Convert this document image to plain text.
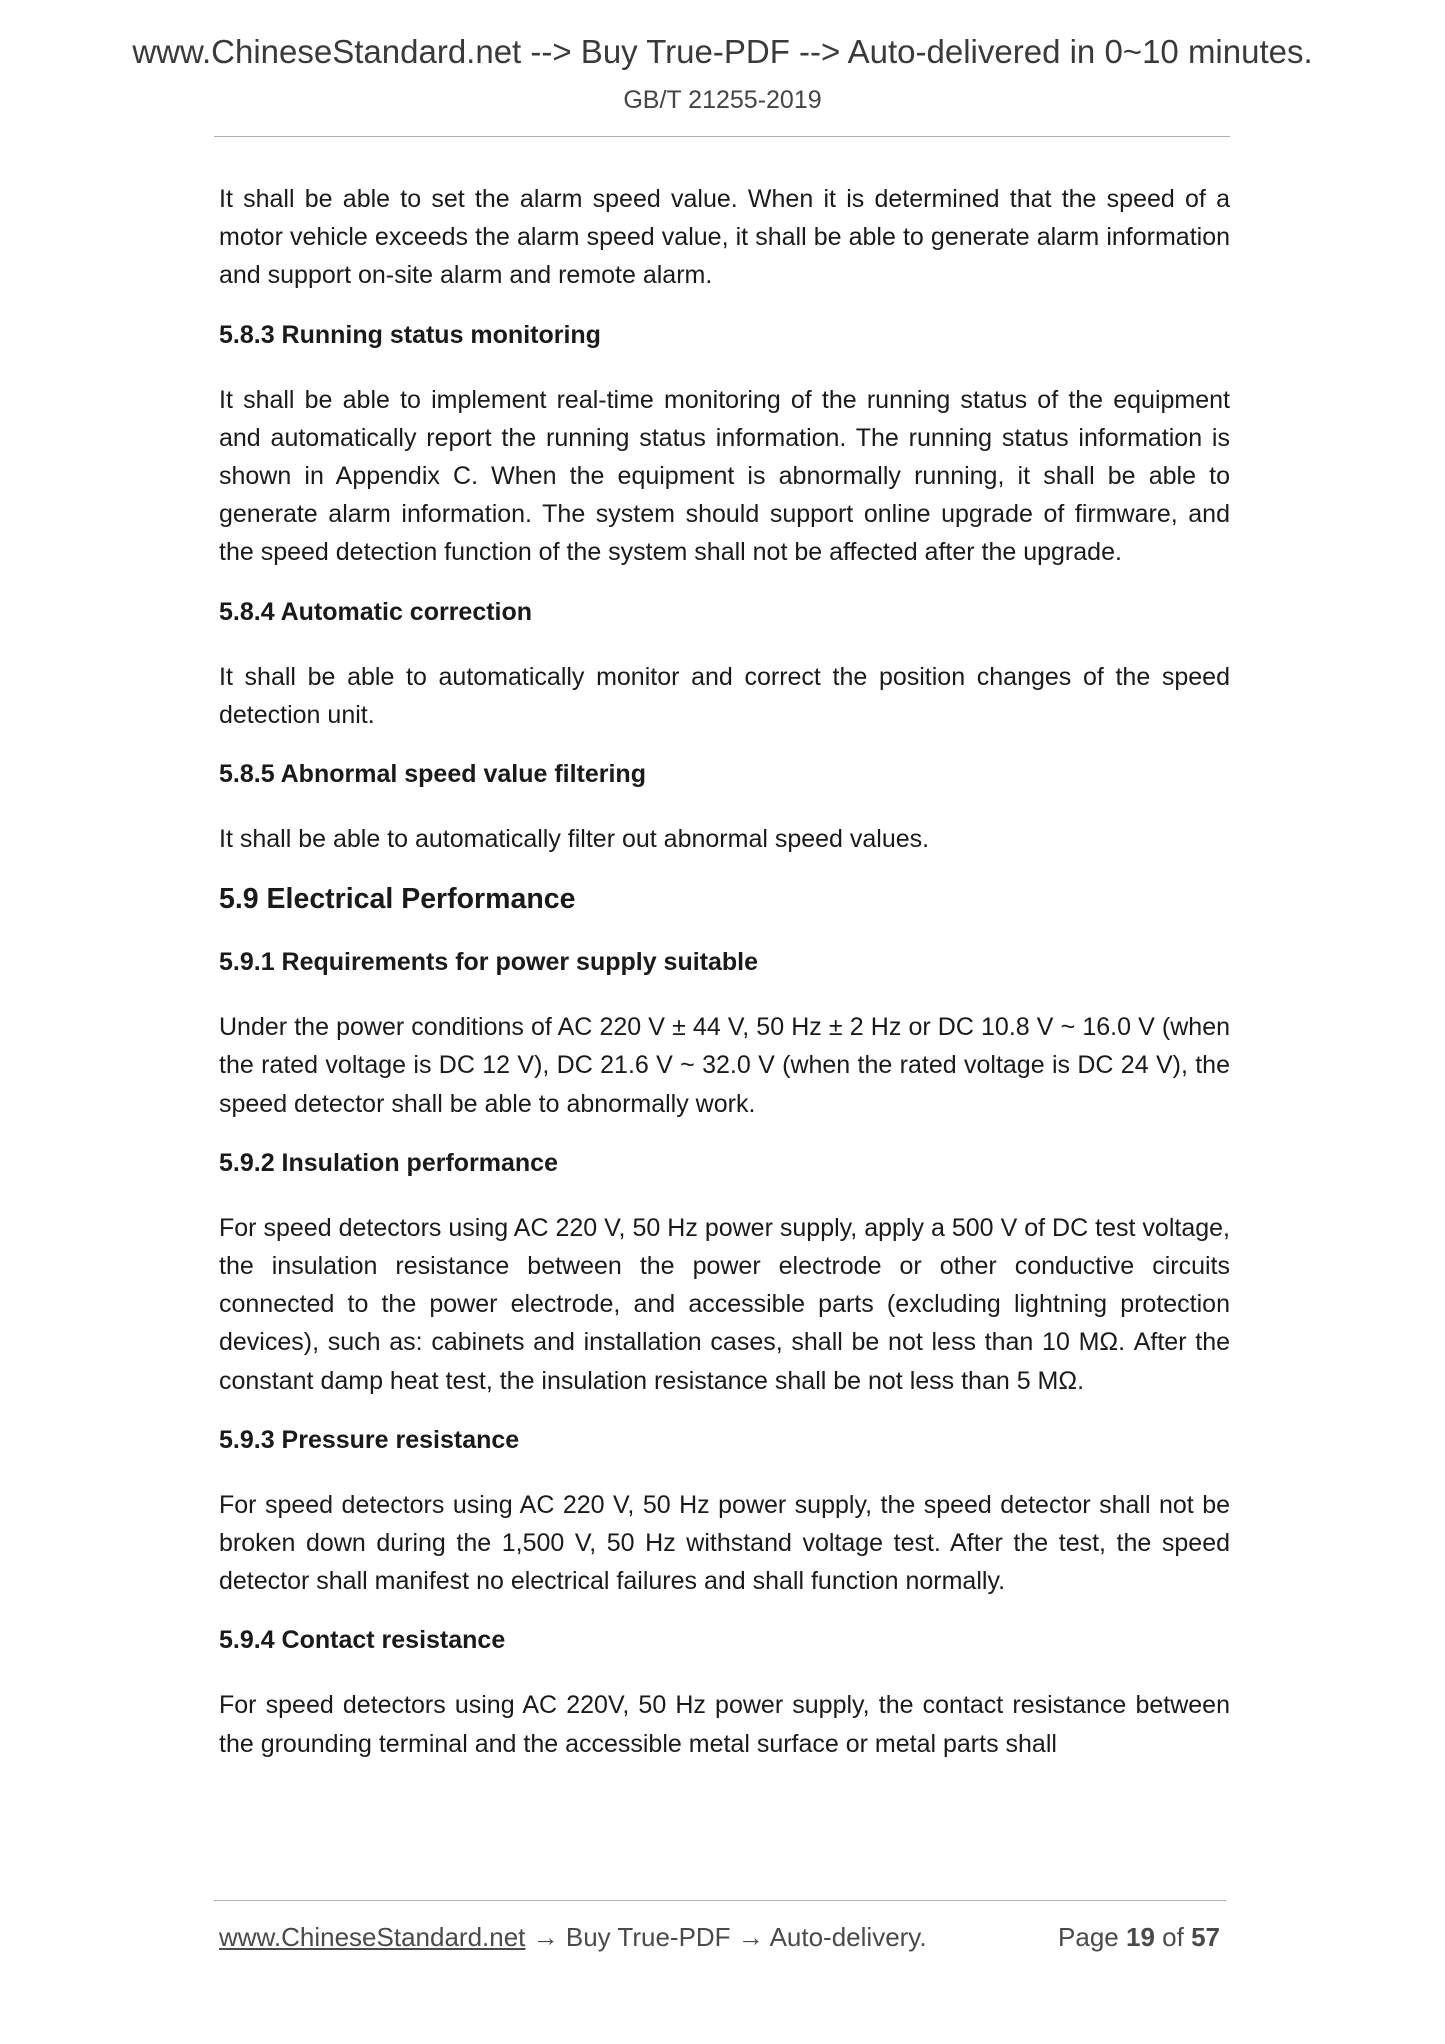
www.ChineseStandard.net --> Buy True-PDF --> Auto-delivered in 0~10 minutes.
GB/T 21255-2019

It shall be able to set the alarm speed value. When it is determined that the speed of a motor vehicle exceeds the alarm speed value, it shall be able to generate alarm information and support on-site alarm and remote alarm.

5.8.3 Running status monitoring

It shall be able to implement real-time monitoring of the running status of the equipment and automatically report the running status information. The running status information is shown in Appendix C. When the equipment is abnormally running, it shall be able to generate alarm information. The system should support online upgrade of firmware, and the speed detection function of the system shall not be affected after the upgrade.

5.8.4 Automatic correction

It shall be able to automatically monitor and correct the position changes of the speed detection unit.

5.8.5 Abnormal speed value filtering

It shall be able to automatically filter out abnormal speed values.

5.9 Electrical Performance
5.9.1 Requirements for power supply suitable

Under the power conditions of AC 220 V ± 44 V, 50 Hz ± 2 Hz or DC 10.8 V ~ 16.0 V (when the rated voltage is DC 12 V), DC 21.6 V ~ 32.0 V (when the rated voltage is DC 24 V), the speed detector shall be able to abnormally work.

5.9.2 Insulation performance

For speed detectors using AC 220 V, 50 Hz power supply, apply a 500 V of DC test voltage, the insulation resistance between the power electrode or other conductive circuits connected to the power electrode, and accessible parts (excluding lightning protection devices), such as: cabinets and installation cases, shall be not less than 10 MΩ. After the constant damp heat test, the insulation resistance shall be not less than 5 MΩ.

5.9.3 Pressure resistance

For speed detectors using AC 220 V, 50 Hz power supply, the speed detector shall not be broken down during the 1,500 V, 50 Hz withstand voltage test. After the test, the speed detector shall manifest no electrical failures and shall function normally.

5.9.4 Contact resistance

For speed detectors using AC 220V, 50 Hz power supply, the contact resistance between the grounding terminal and the accessible metal surface or metal parts shall

www.ChineseStandard.net → Buy True-PDF → Auto-delivery.	Page 19 of 57
